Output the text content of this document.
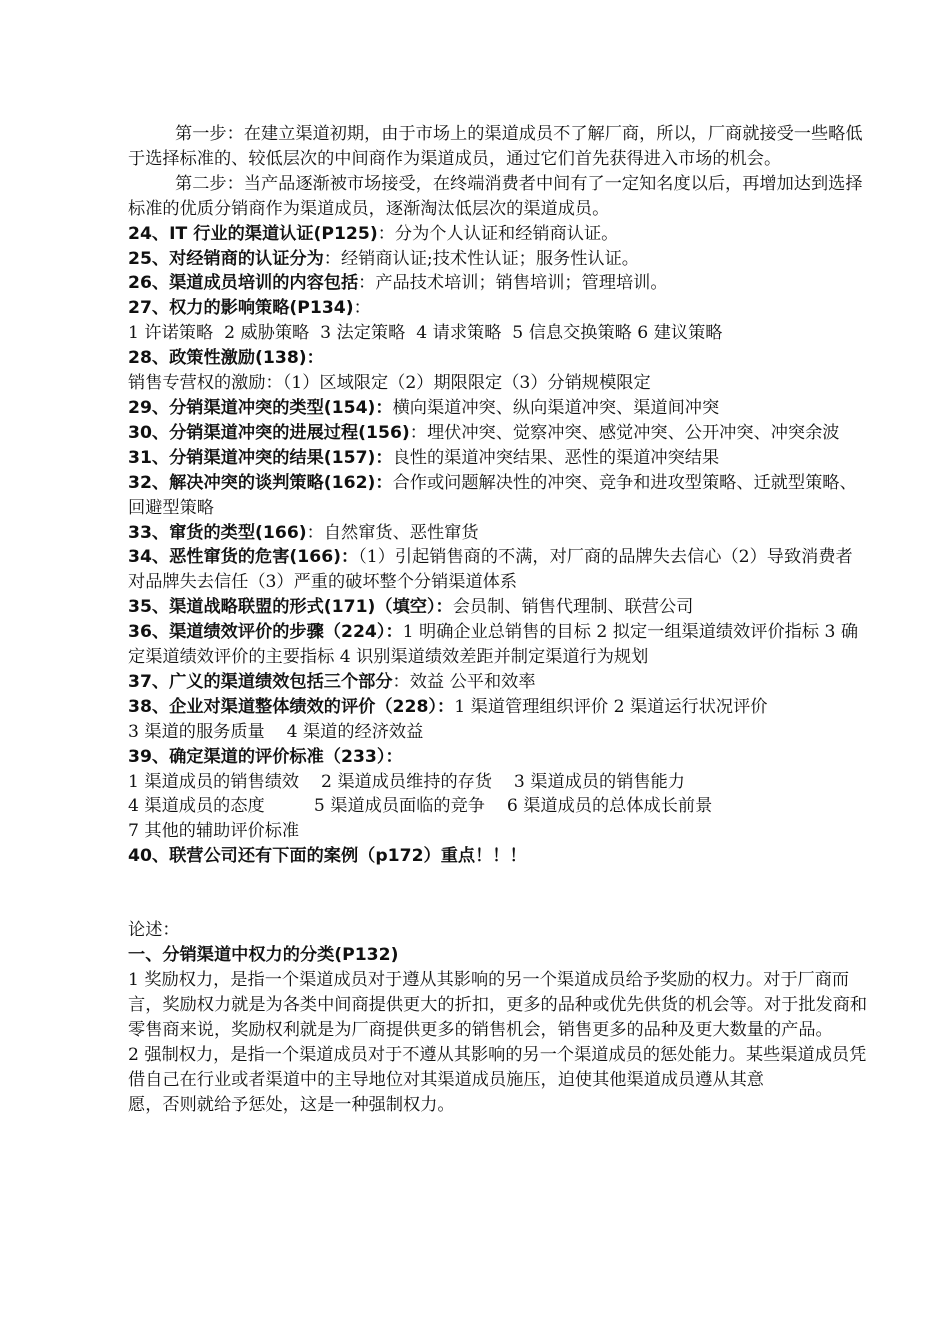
第一步：在建立渠道初期，由于市场上的渠道成员不了解厂商，所以，厂商就接受一些略低于选择标准的、较低层次的中间商作为渠道成员，通过它们首先获得进入市场的机会。

第二步：当产品逐渐被市场接受，在终端消费者中间有了一定知名度以后，再增加达到选择标准的优质分销商作为渠道成员，逐渐淘汰低层次的渠道成员。

24、IT 行业的渠道认证(P125)：分为个人认证和经销商认证。

25、对经销商的认证分为：经销商认证;技术性认证；服务性认证。

26、渠道成员培训的内容包括：产品技术培训；销售培训；管理培训。

27、权力的影响策略(P134)：

1 许诺策略  2 威胁策略  3 法定策略  4 请求策略  5 信息交换策略 6 建议策略

28、政策性激励(138)：

销售专营权的激励：（1）区域限定（2）期限限定（3）分销规模限定

29、分销渠道冲突的类型(154)：横向渠道冲突、纵向渠道冲突、渠道间冲突

30、分销渠道冲突的进展过程(156)：埋伏冲突、觉察冲突、感觉冲突、公开冲突、冲突余波

31、分销渠道冲突的结果(157)：良性的渠道冲突结果、恶性的渠道冲突结果

32、解决冲突的谈判策略(162)：合作或问题解决性的冲突、竞争和进攻型策略、迁就型策略、回避型策略

33、窜货的类型(166)：自然窜货、恶性窜货

34、恶性窜货的危害(166)：（1）引起销售商的不满，对厂商的品牌失去信心（2）导致消费者对品牌失去信任（3）严重的破坏整个分销渠道体系

35、渠道战略联盟的形式(171)（填空）：会员制、销售代理制、联营公司

36、渠道绩效评价的步骤（224）：1 明确企业总销售的目标 2 拟定一组渠道绩效评价指标 3 确定渠道绩效评价的主要指标 4 识别渠道绩效差距并制定渠道行为规划

37、广义的渠道绩效包括三个部分：效益 公平和效率

38、企业对渠道整体绩效的评价（228）：1 渠道管理组织评价 2 渠道运行状况评价

3 渠道的服务质量    4 渠道的经济效益

39、确定渠道的评价标准（233）：

1 渠道成员的销售绩效    2 渠道成员维持的存货    3 渠道成员的销售能力

4 渠道成员的态度         5 渠道成员面临的竞争    6 渠道成员的总体成长前景

7 其他的辅助评价标准

40、联营公司还有下面的案例（p172）重点！！！

论述：

一、分销渠道中权力的分类(P132)

1 奖励权力，是指一个渠道成员对于遵从其影响的另一个渠道成员给予奖励的权力。对于厂商而言，奖励权力就是为各类中间商提供更大的折扣，更多的品种或优先供货的机会等。对于批发商和零售商来说，奖励权利就是为厂商提供更多的销售机会，销售更多的品种及更大数量的产品。

2 强制权力，是指一个渠道成员对于不遵从其影响的另一个渠道成员的惩处能力。某些渠道成员凭借自己在行业或者渠道中的主导地位对其渠道成员施压，迫使其他渠道成员遵从其意

愿，否则就给予惩处，这是一种强制权力。
